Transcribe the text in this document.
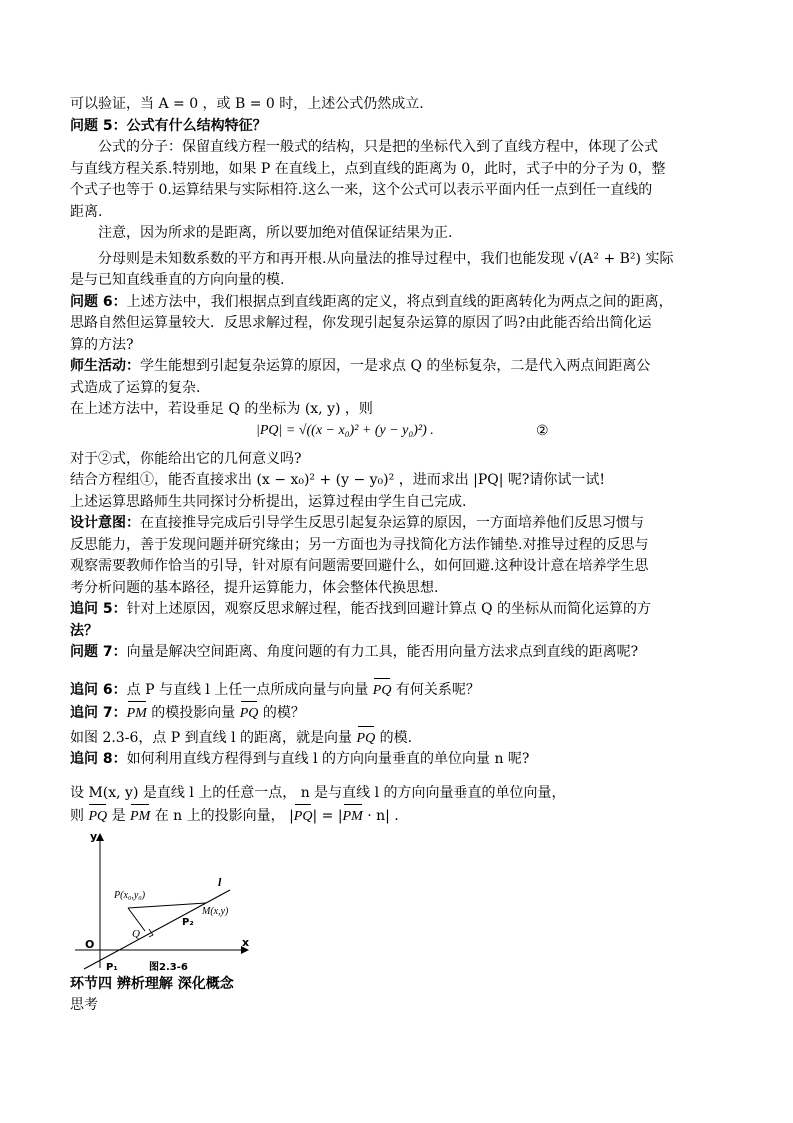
可以验证，当 A = 0 ，或 B = 0 时，上述公式仍然成立.
问题 5：公式有什么结构特征？
公式的分子：保留直线方程一般式的结构，只是把的坐标代入到了直线方程中，体现了公式
与直线方程关系.特别地，如果 P 在直线上，点到直线的距离为 0，此时，式子中的分子为 0，整
个式子也等于 0.运算结果与实际相符.这么一来，这个公式可以表示平面内任一点到任一直线的
距离.
注意，因为所求的是距离，所以要加绝对值保证结果为正.
分母则是未知数系数的平方和再开根.从向量法的推导过程中，我们也能发现 √(A² + B²) 实际
是与已知直线垂直的方向向量的模.
问题 6：上述方法中，我们根据点到直线距离的定义，将点到直线的距离转化为两点之间的距离，
思路自然但运算量较大．反思求解过程，你发现引起复杂运算的原因了吗?由此能否给出简化运
算的方法?
师生活动：学生能想到引起复杂运算的原因，一是求点 Q 的坐标复杂，二是代入两点间距离公
式造成了运算的复杂.
在上述方法中，若设垂足 Q 的坐标为 (x, y) ，则
|PQ| = √((x − x₀)² + (y − y₀)²) .	②
对于②式，你能给出它的几何意义吗?
结合方程组①，能否直接求出 (x − x₀)² + (y − y₀)² ，进而求出 |PQ| 呢?请你试一试!
上述运算思路师生共同探讨分析提出，运算过程由学生自己完成.
设计意图：在直接推导完成后引导学生反思引起复杂运算的原因，一方面培养他们反思习惯与
反思能力，善于发现问题并研究缘由；另一方面也为寻找简化方法作铺垫.对推导过程的反思与
观察需要教师作恰当的引导，针对原有问题需要回避什么，如何回避.这种设计意在培养学生思
考分析问题的基本路径，提升运算能力，体会整体代换思想.
追问 5：针对上述原因，观察反思求解过程，能否找到回避计算点 Q 的坐标从而简化运算的方
法？
问题 7：向量是解决空间距离、角度问题的有力工具，能否用向量方法求点到直线的距离呢?
追问 6：点 P 与直线 l 上任一点所成向量与向量 PQ 有何关系呢？
追问 7：PM 的模投影向量 PQ 的模？
如图 2.3-6，点 P 到直线 l 的距离，就是向量 PQ 的模.
追问 8：如何利用直线方程得到与直线 l 的方向向量垂直的单位向量 n 呢?
设 M(x, y) 是直线 l 上的任意一点， n 是与直线 l 的方向向量垂直的单位向量，
则 PQ 是 PM 在 n 上的投影向量， |PQ| = |PM · n| .
y
x
O
P(x₀,y₀)
l
M(x,y)
Q
P₂
P₁	图2.3-6
环节四 辨析理解 深化概念
思考
